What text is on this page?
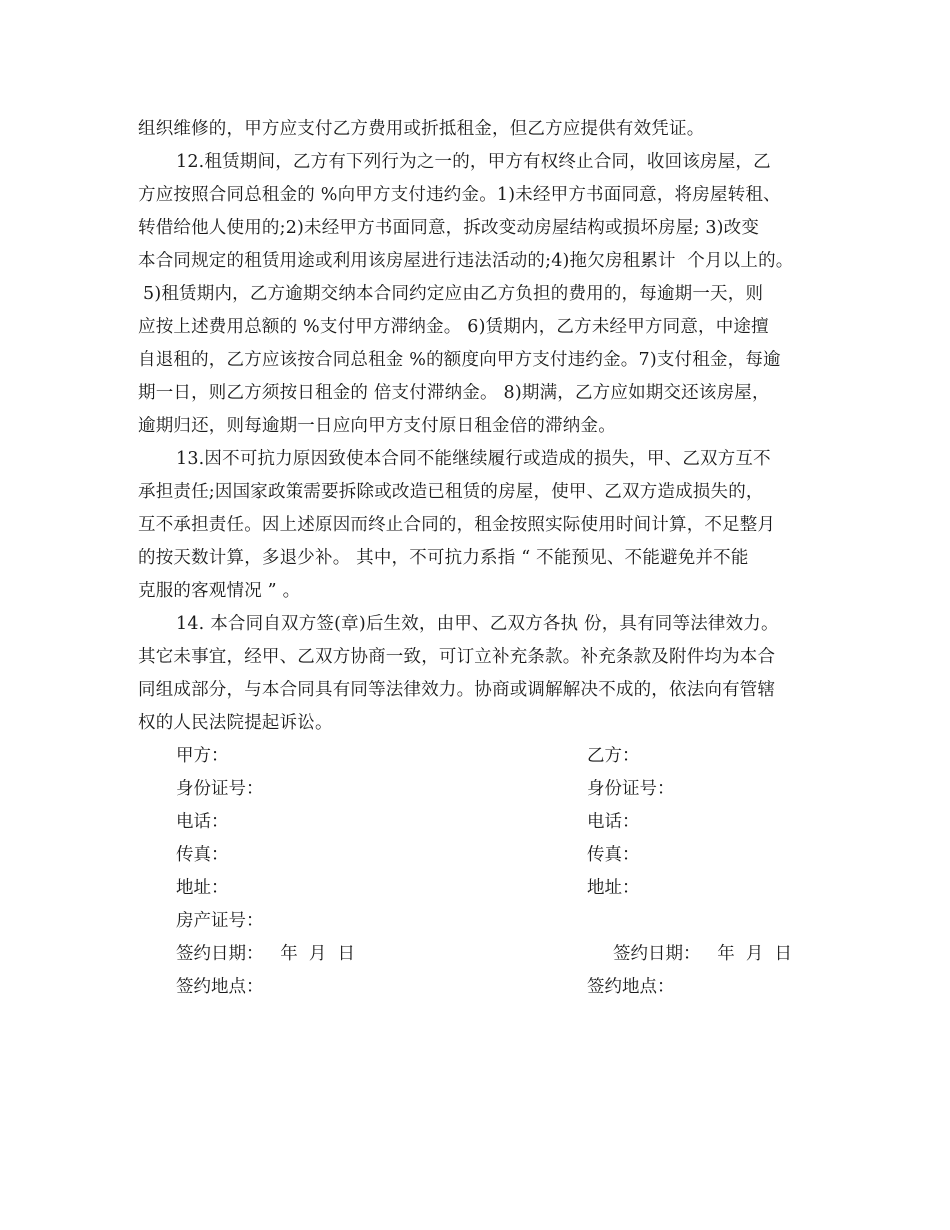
组织维修的，甲方应支付乙方费用或折抵租金，但乙方应提供有效凭证。
12.租赁期间，乙方有下列行为之一的，甲方有权终止合同，收回该房屋，乙
方应按照合同总租金的 %向甲方支付违约金。1)未经甲方书面同意，将房屋转租、
转借给他人使用的;2)未经甲方书面同意，拆改变动房屋结构或损坏房屋; 3)改变
本合同规定的租赁用途或利用该房屋进行违法活动的;4)拖欠房租累计  个月以上的。
5)租赁期内，乙方逾期交纳本合同约定应由乙方负担的费用的，每逾期一天，则
应按上述费用总额的 %支付甲方滞纳金。 6)赁期内，乙方未经甲方同意，中途擅
自退租的，乙方应该按合同总租金 %的额度向甲方支付违约金。7)支付租金，每逾
期一日，则乙方须按日租金的 倍支付滞纳金。 8)期满，乙方应如期交还该房屋，
逾期归还，则每逾期一日应向甲方支付原日租金倍的滞纳金。
13.因不可抗力原因致使本合同不能继续履行或造成的损失，甲、乙双方互不
承担责任;因国家政策需要拆除或改造已租赁的房屋，使甲、乙双方造成损失的，
互不承担责任。因上述原因而终止合同的，租金按照实际使用时间计算，不足整月
的按天数计算，多退少补。 其中，不可抗力系指 “ 不能预见、不能避免并不能
克服的客观情况 ” 。
14. 本合同自双方签(章)后生效，由甲、乙双方各执 份，具有同等法律效力。
其它未事宜，经甲、乙双方协商一致，可订立补充条款。补充条款及附件均为本合
同组成部分，与本合同具有同等法律效力。协商或调解解决不成的，依法向有管辖
权的人民法院提起诉讼。
甲方：
身份证号：
电话：
传真：
地址：
房产证号：
签约日期：   年  月  日
签约地点：
乙方：
身份证号：
电话：
传真：
地址：
签约日期：   年  月  日
签约地点：
